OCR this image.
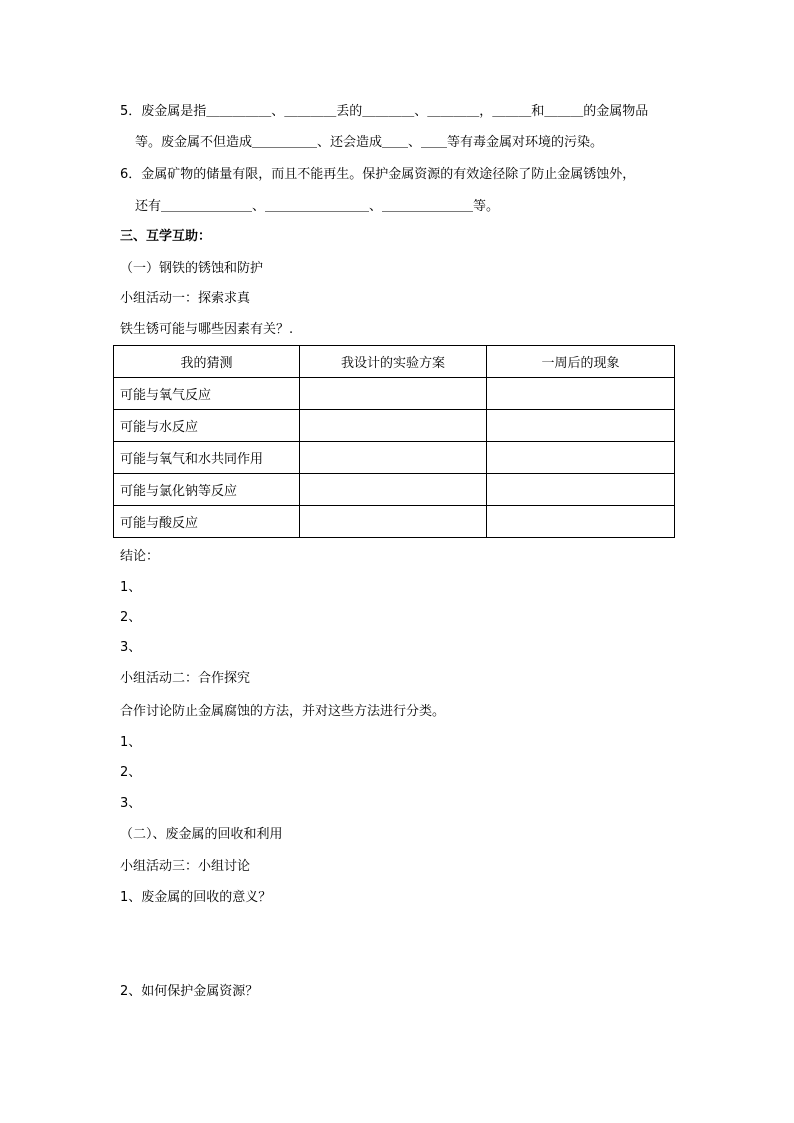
5．废金属是指＿＿＿＿＿、＿＿＿＿丢的＿＿＿＿、＿＿＿＿，＿＿＿和＿＿＿的金属物品
等。废金属不但造成＿＿＿＿＿、还会造成＿＿、＿＿等有毒金属对环境的污染。
6．金属矿物的储量有限，而且不能再生。保护金属资源的有效途径除了防止金属锈蚀外，
还有＿＿＿＿＿＿＿、＿＿＿＿＿＿＿＿、＿＿＿＿＿＿＿等。
三、互学互助：
（一）钢铁的锈蚀和防护
小组活动一：探索求真
铁生锈可能与哪些因素有关？.
我的猜测	我设计的实验方案	一周后的现象
可能与氧气反应		
可能与水反应		
可能与氧气和水共同作用		
可能与氯化钠等反应		
可能与酸反应		
结论：
1、
2、
3、
小组活动二：合作探究
合作讨论防止金属腐蚀的方法，并对这些方法进行分类。
1、
2、
3、
（二）、废金属的回收和利用
小组活动三：小组讨论
1、废金属的回收的意义？
2、如何保护金属资源？
